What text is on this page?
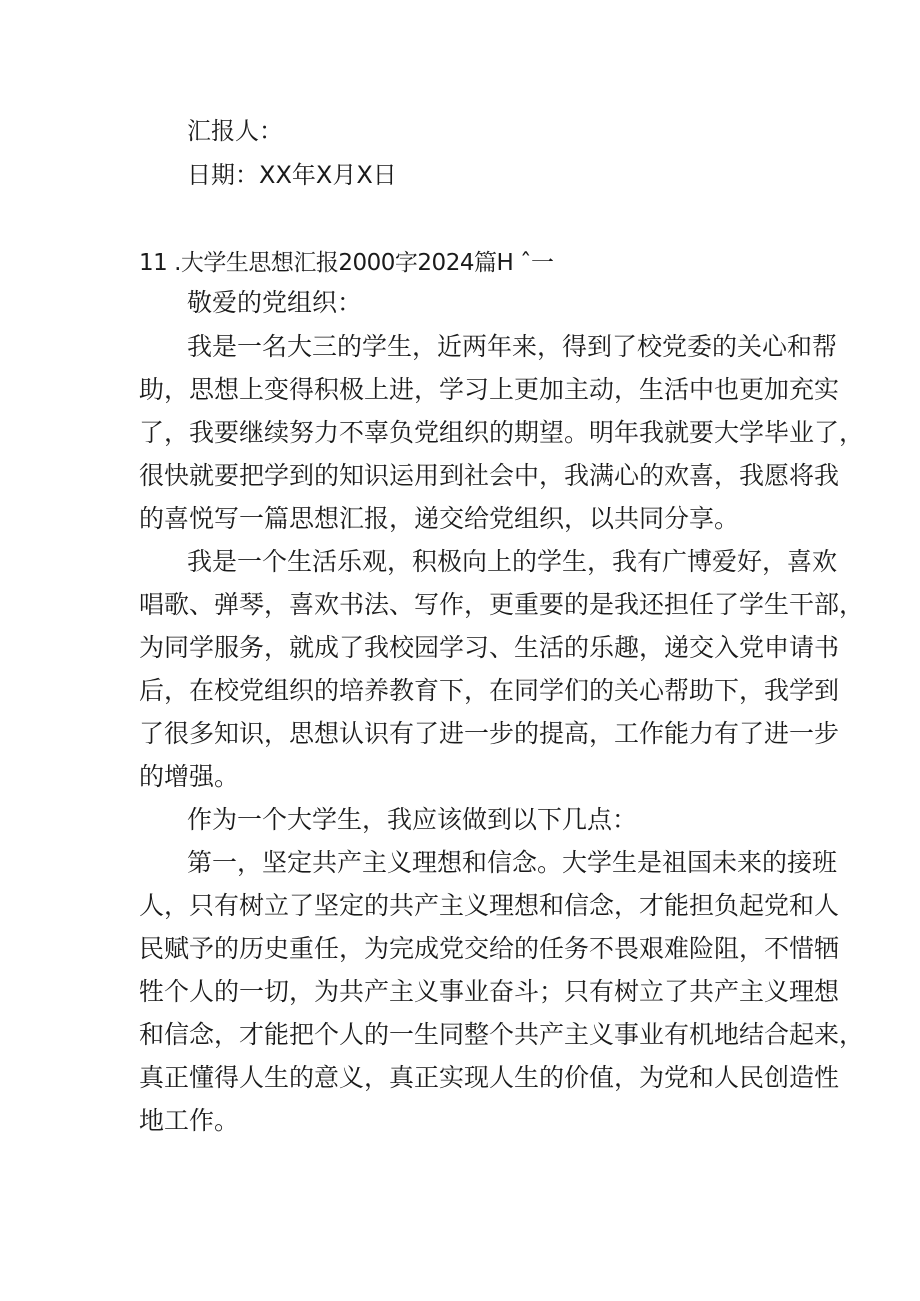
汇报人：
日期：XX年X月X日
11 .大学生思想汇报2000字2024篇H ˆ一
敬爱的党组织：
我是一名大三的学生，近两年来，得到了校党委的关心和帮
助，思想上变得积极上进，学习上更加主动，生活中也更加充实
了，我要继续努力不辜负党组织的期望。明年我就要大学毕业了，
很快就要把学到的知识运用到社会中，我满心的欢喜，我愿将我
的喜悦写一篇思想汇报，递交给党组织，以共同分享。
我是一个生活乐观，积极向上的学生，我有广博爱好，喜欢
唱歌、弹琴，喜欢书法、写作，更重要的是我还担任了学生干部，
为同学服务，就成了我校园学习、生活的乐趣，递交入党申请书
后，在校党组织的培养教育下，在同学们的关心帮助下，我学到
了很多知识，思想认识有了进一步的提高，工作能力有了进一步
的增强。
作为一个大学生，我应该做到以下几点：
第一，坚定共产主义理想和信念。大学生是祖国未来的接班
人，只有树立了坚定的共产主义理想和信念，才能担负起党和人
民赋予的历史重任，为完成党交给的任务不畏艰难险阻，不惜牺
牲个人的一切，为共产主义事业奋斗；只有树立了共产主义理想
和信念，才能把个人的一生同整个共产主义事业有机地结合起来，
真正懂得人生的意义，真正实现人生的价值，为党和人民创造性
地工作。
